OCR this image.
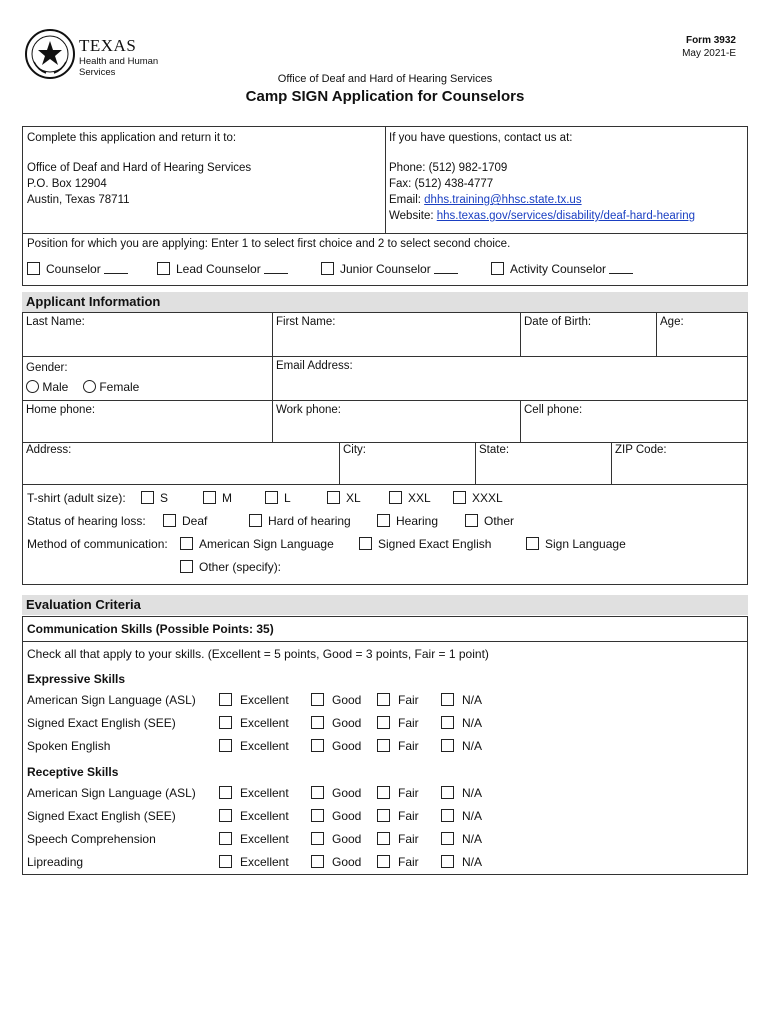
TEXAS
Health and Human
Services
Form 3932
May 2021-E
Office of Deaf and Hard of Hearing Services
Camp SIGN Application for Counselors
Complete this application and return it to:
Office of Deaf and Hard of Hearing Services
P.O. Box 12904
Austin, Texas 78711
If you have questions, contact us at:
Phone: (512) 982-1709
Fax: (512) 438-4777
Email: dhhs.training@hhsc.state.tx.us
Website: hhs.texas.gov/services/disability/deaf-hard-hearing
Position for which you are applying: Enter 1 to select first choice and 2 to select second choice.
Counselor	Lead Counselor	Junior Counselor	Activity Counselor
Applicant Information
Last Name:	First Name:	Date of Birth:	Age:
Gender:
Male	Female
Email Address:
Home phone:	Work phone:	Cell phone:
Address:	City:	State:	ZIP Code:
T-shirt (adult size):	S	M	L	XL	XXL	XXXL
Status of hearing loss:	Deaf	Hard of hearing	Hearing	Other
Method of communication:	American Sign Language	Signed Exact English	Sign Language
Other (specify):
Evaluation Criteria
Communication Skills (Possible Points: 35)
Check all that apply to your skills. (Excellent = 5 points, Good = 3 points, Fair = 1 point)
Expressive Skills
American Sign Language (ASL)	Excellent	Good	Fair	N/A
Signed Exact English (SEE)	Excellent	Good	Fair	N/A
Spoken English	Excellent	Good	Fair	N/A
Receptive Skills
American Sign Language (ASL)	Excellent	Good	Fair	N/A
Signed Exact English (SEE)	Excellent	Good	Fair	N/A
Speech Comprehension	Excellent	Good	Fair	N/A
Lipreading	Excellent	Good	Fair	N/A
